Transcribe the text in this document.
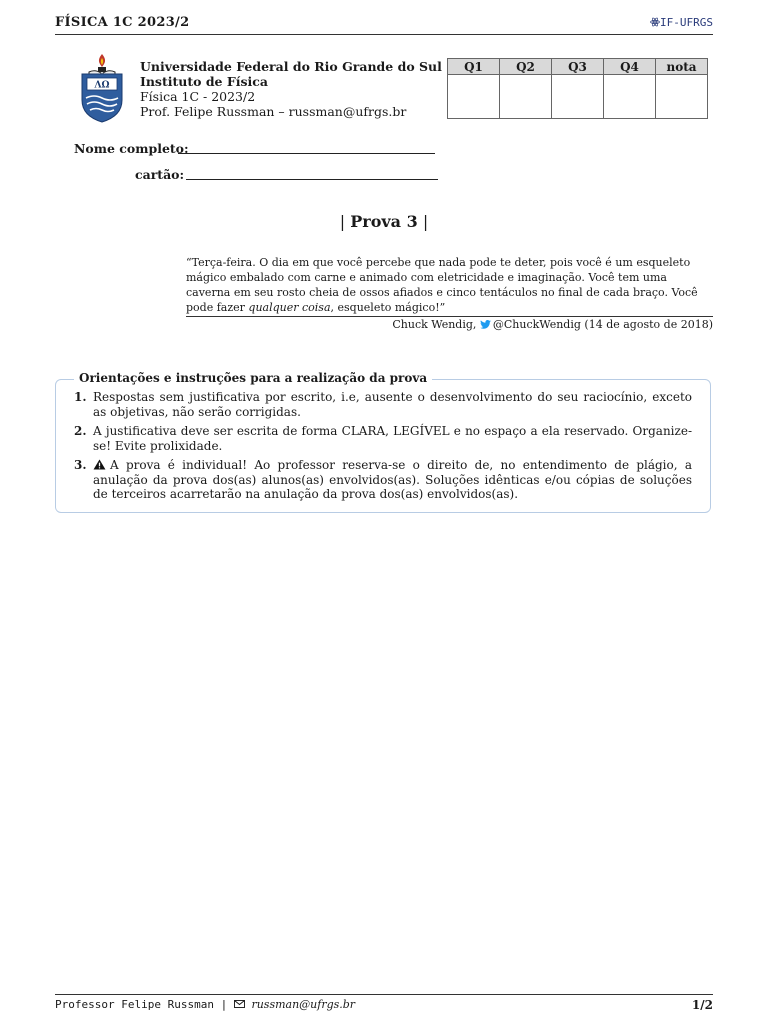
FÍSICA 1C 2023/2	IF-UFRGS
ΛΩ
Universidade Federal do Rio Grande do Sul
Instituto de Física
Física 1C - 2023/2
Prof. Felipe Russman – russman@ufrgs.br
Q1	Q2	Q3	Q4	nota

Nome completo:
cartão:
| Prova 3 |
“Terça-feira. O dia em que você percebe que nada pode te deter, pois você é um esqueleto mágico embalado com carne e animado com eletricidade e imaginação. Você tem uma caverna em seu rosto cheia de ossos afiados e cinco tentáculos no final de cada braço. Você pode fazer qualquer coisa, esqueleto mágico!”
Chuck Wendig, @ChuckWendig (14 de agosto de 2018)
Orientações e instruções para a realização da prova
1. Respostas sem justificativa por escrito, i.e, ausente o desenvolvimento do seu raciocínio, exceto as objetivas, não serão corrigidas.
2. A justificativa deve ser escrita de forma CLARA, LEGÍVEL e no espaço a ela reservado. Organize-se! Evite prolixidade.
3.	A prova é individual! Ao professor reserva-se o direito de, no entendimento de plágio, a anulação da prova dos(as) alunos(as) envolvidos(as). Soluções idênticas e/ou cópias de soluções de terceiros acarretarão na anulação da prova dos(as) envolvidos(as).
Professor Felipe Russman | russman@ufrgs.br	1/2
